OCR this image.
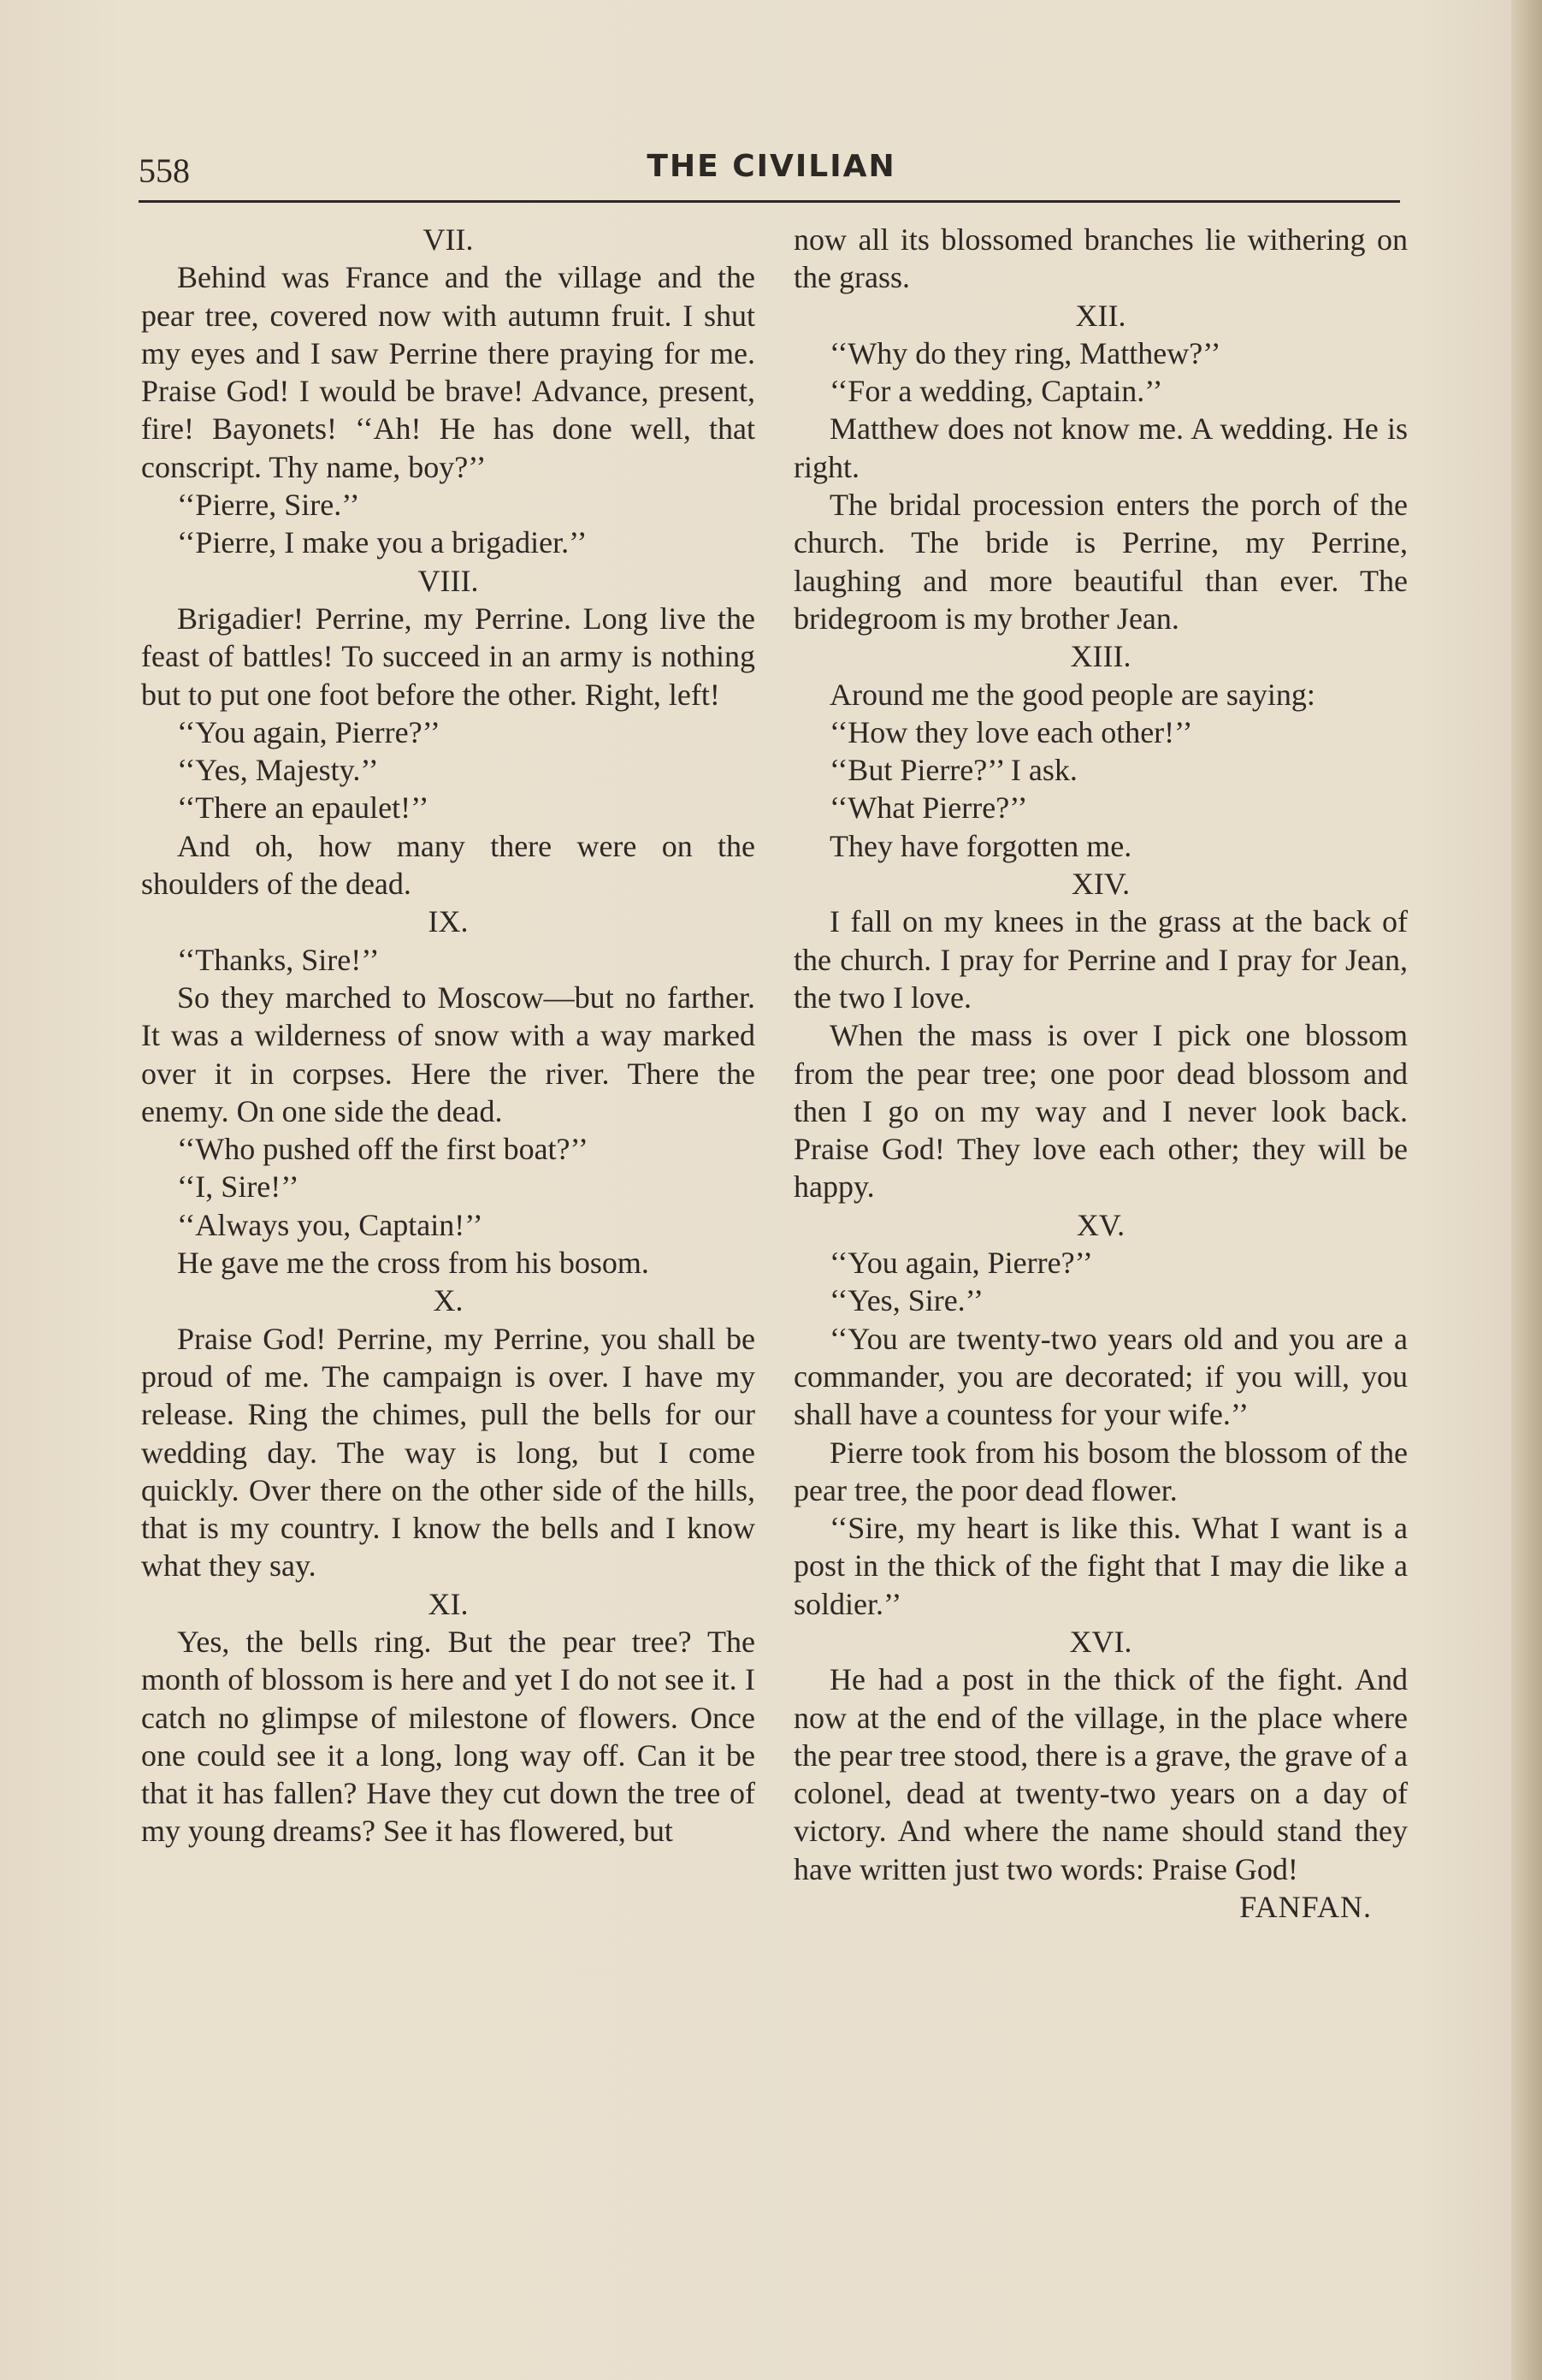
558	THE CIVILIAN

VII.

Behind was France and the village and the pear tree, covered now with autumn fruit. I shut my eyes and I saw Perrine there praying for me. Praise God! I would be brave! Advance, present, fire! Bayonets! ‘‘Ah! He has done well, that conscript. Thy name, boy?’’

‘‘Pierre, Sire.’’

‘‘Pierre, I make you a brigadier.’’

VIII.

Brigadier! Perrine, my Perrine. Long live the feast of battles! To succeed in an army is nothing but to put one foot before the other. Right, left!

‘‘You again, Pierre?’’

‘‘Yes, Majesty.’’

‘‘There an epaulet!’’

And oh, how many there were on the shoulders of the dead.

IX.

‘‘Thanks, Sire!’’

So they marched to Moscow—but no farther. It was a wilderness of snow with a way marked over it in corpses. Here the river. There the enemy. On one side the dead.

‘‘Who pushed off the first boat?’’

‘‘I, Sire!’’

‘‘Always you, Captain!’’

He gave me the cross from his bosom.

X.

Praise God! Perrine, my Perrine, you shall be proud of me. The campaign is over. I have my release. Ring the chimes, pull the bells for our wedding day. The way is long, but I come quickly. Over there on the other side of the hills, that is my country. I know the bells and I know what they say.

XI.

Yes, the bells ring. But the pear tree? The month of blossom is here and yet I do not see it. I catch no glimpse of milestone of flowers. Once one could see it a long, long way off. Can it be that it has fallen? Have they cut down the tree of my young dreams? See it has flowered, but

now all its blossomed branches lie withering on the grass.

XII.

‘‘Why do they ring, Matthew?’’

‘‘For a wedding, Captain.’’

Matthew does not know me. A wedding. He is right.

The bridal procession enters the porch of the church. The bride is Perrine, my Perrine, laughing and more beautiful than ever. The bridegroom is my brother Jean.

XIII.

Around me the good people are saying:

‘‘How they love each other!’’

‘‘But Pierre?’’ I ask.

‘‘What Pierre?’’

They have forgotten me.

XIV.

I fall on my knees in the grass at the back of the church. I pray for Perrine and I pray for Jean, the two I love.

When the mass is over I pick one blossom from the pear tree; one poor dead blossom and then I go on my way and I never look back. Praise God! They love each other; they will be happy.

XV.

‘‘You again, Pierre?’’

‘‘Yes, Sire.’’

‘‘You are twenty-two years old and you are a commander, you are decorated; if you will, you shall have a countess for your wife.’’

Pierre took from his bosom the blossom of the pear tree, the poor dead flower.

‘‘Sire, my heart is like this. What I want is a post in the thick of the fight that I may die like a soldier.’’

XVI.

He had a post in the thick of the fight. And now at the end of the village, in the place where the pear tree stood, there is a grave, the grave of a colonel, dead at twenty-two years on a day of victory. And where the name should stand they have written just two words: Praise God!

FANFAN.
